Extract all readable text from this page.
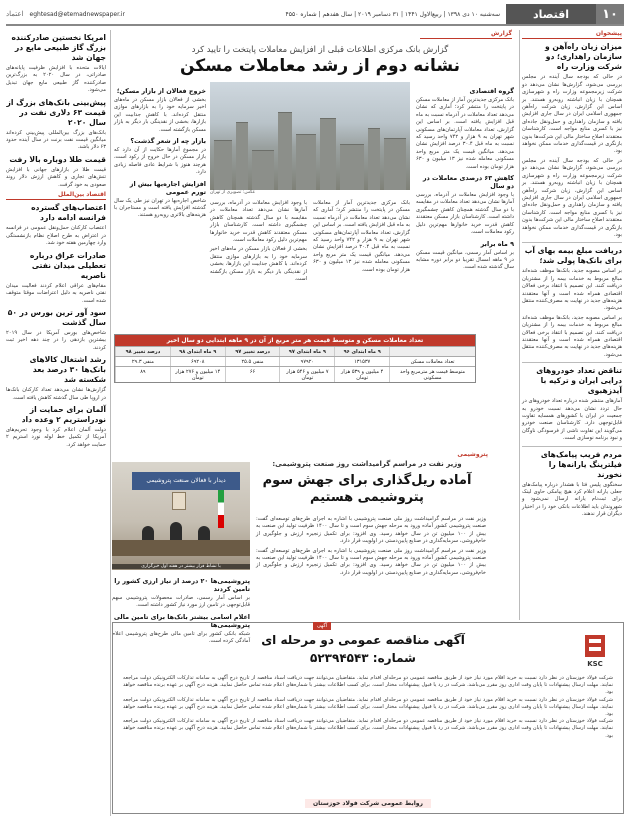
۱۰
اقتصاد
eghtesad@etemadnewspaper.ir	سه‌شنبه ۱۰ دی ۱۳۹۸ | ربیع‌الاول ۱۴۴۱ | ۳۱ دسامبر ۲۰۱۹ | سال هفدهم | شماره ۴۵۵۰
اعتماد
پیشخوان
میزان زیان راه‌آهن و سازمان راهداری؛ دو شرکت وزارت راه

در حالی که بودجه سال آینده در مجلس بررسی می‌شود، گزارش‌ها نشان می‌دهد دو شرکت زیرمجموعه وزارت راه و شهرسازی همچنان با زیان انباشته روبه‌رو هستند. بر اساس این گزارش، زیان شرکت راه‌آهن جمهوری اسلامی ایران در سال جاری افزایش یافته و سازمان راهداری و حمل‌ونقل جاده‌ای نیز با کسری منابع مواجه است. کارشناسان معتقدند اصلاح ساختار مالی این شرکت‌ها بدون بازنگری در قیمت‌گذاری خدمات ممکن نخواهد بود.

در حالی که بودجه سال آینده در مجلس بررسی می‌شود، گزارش‌ها نشان می‌دهد دو شرکت زیرمجموعه وزارت راه و شهرسازی همچنان با زیان انباشته روبه‌رو هستند. بر اساس این گزارش، زیان شرکت راه‌آهن جمهوری اسلامی ایران در سال جاری افزایش یافته و سازمان راهداری و حمل‌ونقل جاده‌ای نیز با کسری منابع مواجه است. کارشناسان معتقدند اصلاح ساختار مالی این شرکت‌ها بدون بازنگری در قیمت‌گذاری خدمات ممکن نخواهد بود.

دریافت مبلغ بیمه بهای آب برای بانک‌ها پولی شد؛

بر اساس مصوبه جدید، بانک‌ها موظف شده‌اند مبالغ مربوط به خدمات بیمه را از مشتریان دریافت کنند. این تصمیم با انتقاد برخی فعالان اقتصادی همراه شده است و آنها معتقدند هزینه‌های جدید در نهایت به مصرف‌کننده منتقل می‌شود.

بر اساس مصوبه جدید، بانک‌ها موظف شده‌اند مبالغ مربوط به خدمات بیمه را از مشتریان دریافت کنند. این تصمیم با انتقاد برخی فعالان اقتصادی همراه شده است و آنها معتقدند هزینه‌های جدید در نهایت به مصرف‌کننده منتقل می‌شود.

تناقض تعداد خودروهای درایی ایران و ترکیه با آیدزهبوی

آمارهای منتشر شده درباره تعداد خودروهای در حال تردد نشان می‌دهد نسبت خودرو به جمعیت در ایران با کشورهای همسایه تفاوت قابل‌توجهی دارد. کارشناسان صنعت خودرو می‌گویند این تفاوت ناشی از فرسودگی ناوگان و نبود برنامه نوسازی است.

مردم فریب پیامک‌های فیلترینگ یارانه‌ها را نخورند

سخنگوی پلیس فتا با هشدار درباره پیامک‌های جعلی یارانه اعلام کرد هیچ پیامکی حاوی لینک برای ثبت‌نام یارانه ارسال نمی‌شود و شهروندان باید اطلاعات بانکی خود را در اختیار دیگران قرار ندهند.

گزارش
گزارش بانک مرکزی اطلاعات قبلی از افزایش معاملات پایتخت را تایید کرد
نشانه دوم از رشد معاملات مسکن
عکس: تصویری از تهران
گروه اقتصادی

بانک مرکزی جدیدترین آمار از معاملات مسکن در پایتخت را منتشر کرد؛ آماری که نشان می‌دهد تعداد معاملات در آذرماه نسبت به ماه قبل افزایش یافته است. بر اساس این گزارش، تعداد معاملات آپارتمان‌های مسکونی شهر تهران به ۹ هزار و ۷۴۲ واحد رسید که نسبت به ماه قبل ۳۰.۴ درصد افزایش نشان می‌دهد. میانگین قیمت یک متر مربع واحد مسکونی معامله شده نیز ۱۳ میلیون و ۶۳۰ هزار تومان بوده است.

کاهش ۶۳ درصدی معاملات در دو سال

با وجود افزایش معاملات در آذرماه، بررسی آمارها نشان می‌دهد تعداد معاملات در مقایسه با دو سال گذشته همچنان کاهش چشمگیری داشته است. کارشناسان بازار مسکن معتقدند کاهش قدرت خرید خانوارها مهم‌ترین دلیل رکود معاملات است.

۹ ماه برابر

بر اساس آمار رسمی، میانگین قیمت مسکن در ۹ ماهه امسال تقریبا دو برابر دوره مشابه سال گذشته شده است.

خروج فعالان از بازار مسکن؛

بخشی از فعالان بازار مسکن در ماه‌های اخیر سرمایه خود را به بازارهای موازی منتقل کرده‌اند. با کاهش جذابیت این بازارها، بخشی از نقدینگی بار دیگر به بازار مسکن بازگشته است.

بازار چه از شعر گذشت؟

در مجموع آمارها حکایت از آن دارد که بازار مسکن در حال خروج از رکود است، هرچند هنوز با شرایط عادی فاصله زیادی دارد.

افزایش اجاره‌بها بیش از تورم عمومی

شاخص اجاره‌بها در تهران نیز طی یک سال گذشته افزایش یافته است و مستاجران با هزینه‌های بالاتری روبه‌رو هستند.

بانک مرکزی جدیدترین آمار از معاملات مسکن در پایتخت را منتشر کرد؛ آماری که نشان می‌دهد تعداد معاملات در آذرماه نسبت به ماه قبل افزایش یافته است. بر اساس این گزارش، تعداد معاملات آپارتمان‌های مسکونی شهر تهران به ۹ هزار و ۷۴۲ واحد رسید که نسبت به ماه قبل ۳۰.۴ درصد افزایش نشان می‌دهد. میانگین قیمت یک متر مربع واحد مسکونی معامله شده نیز ۱۳ میلیون و ۶۳۰ هزار تومان بوده است.

با وجود افزایش معاملات در آذرماه، بررسی آمارها نشان می‌دهد تعداد معاملات در مقایسه با دو سال گذشته همچنان کاهش چشمگیری داشته است. کارشناسان بازار مسکن معتقدند کاهش قدرت خرید خانوارها مهم‌ترین دلیل رکود معاملات است.

بخشی از فعالان بازار مسکن در ماه‌های اخیر سرمایه خود را به بازارهای موازی منتقل کرده‌اند. با کاهش جذابیت این بازارها، بخشی از نقدینگی بار دیگر به بازار مسکن بازگشته است.

تعداد معاملات مسکن و متوسط قیمت هر متر مربع از آن در ۹ ماهه ابتدایی دو سال اخیر
۹ ماه ابتدای ۹۶
۹ ماه ابتدای ۹۷
درصد تغییر ۹۷
۹ ماه ابتدای ۹۸
درصد تغییر ۹۸
تعداد معاملات مسکن
۱۳۱۵۳۷
۹۷۹۲۰
منفی ۲۵.۵
۶۹۲۰۸
منفی ۲۹.۳
متوسط قیمت هر مترمربع واحد مسکونی
۴ میلیون و ۵۳۹ هزار تومان
۷ میلیون و ۵۴۶ هزار تومان
۶۶
۱۴ میلیون و ۲۷۶ هزار تومان
۸۹
پتروشیمی
وزیر نفت در مراسم گرامیداشت روز صنعت پتروشیمی:
آماده ریل‌گذاری برای جهش سوم پتروشیمی هستیم

وزیر نفت در مراسم گرامیداشت روز ملی صنعت پتروشیمی با اشاره به اجرای طرح‌های توسعه‌ای گفت: صنعت پتروشیمی کشور آماده ورود به مرحله جهش سوم است و تا سال ۱۴۰۰ ظرفیت تولید این صنعت به بیش از ۱۰۰ میلیون تن در سال خواهد رسید. وی افزود: برای تکمیل زنجیره ارزش و جلوگیری از خام‌فروشی، سرمایه‌گذاری در صنایع پایین‌دستی در اولویت قرار دارد.

وزیر نفت در مراسم گرامیداشت روز ملی صنعت پتروشیمی با اشاره به اجرای طرح‌های توسعه‌ای گفت: صنعت پتروشیمی کشور آماده ورود به مرحله جهش سوم است و تا سال ۱۴۰۰ ظرفیت تولید این صنعت به بیش از ۱۰۰ میلیون تن در سال خواهد رسید. وی افزود: برای تکمیل زنجیره ارزش و جلوگیری از خام‌فروشی، سرمایه‌گذاری در صنایع پایین‌دستی در اولویت قرار دارد.

دیدار با فعالان صنعت پتروشیمی
با نشاط فرار بیشتر در هفته اول خبرگزاری
پتروشیمی‌ها ۲۰ درصد از نیاز ارزی کشور را تامین کردند

بر اساس آمار رسمی، صادرات محصولات پتروشیمی سهم قابل‌توجهی در تامین ارز مورد نیاز کشور داشته است.

اعلام اسامی بیشتر بانک‌ها برای تامین مالی پتروشیمی‌ها

شبکه بانکی کشور برای تامین مالی طرح‌های پتروشیمی اعلام آمادگی کرده است.

امریکا نخستین صادرکننده بزرگ گاز طبیعی مایع در جهان شد

ایالات متحده با افزایش ظرفیت پایانه‌های صادراتی، در سال ۲۰۲۰ به بزرگ‌ترین صادرکننده گاز طبیعی مایع جهان تبدیل می‌شود.

پیش‌بینی بانک‌های بزرگ از قیمت ۶۳ دلاری نفت در سال ۲۰۲۰

بانک‌های بزرگ بین‌المللی پیش‌بینی کرده‌اند میانگین قیمت نفت برنت در سال آینده حدود ۶۳ دلار باشد.

قیمت طلا دوباره بالا رفت

قیمت طلا در بازارهای جهانی با افزایش تنش‌های تجاری و کاهش ارزش دلار روند صعودی به خود گرفت.

اقتصاد بین‌الملل
اعتصاب‌های گسترده فرانسه ادامه دارد

اعتصاب کارکنان حمل‌ونقل عمومی در فرانسه در اعتراض به طرح اصلاح نظام بازنشستگی وارد چهارمین هفته خود شد.

صادرات عراق درباره تعطیلی میدان نفتی ناصریه

مقام‌های عراقی اعلام کردند فعالیت میدان نفتی ناصریه به دلیل اعتراضات موقتا متوقف شده است.

سود آور ترین بورس در ۵۰ سال گذشت

شاخص‌های بورس آمریکا در سال ۲۰۱۹ بیشترین بازدهی را در چند دهه اخیر ثبت کردند.

رشد اشتغال کالاهای بانک‌ها ۳۰ درصد بعد شکسته شد

گزارش‌ها نشان می‌دهد تعداد کارکنان بانک‌ها در اروپا طی سال گذشته کاهش یافته است.

آلمان برای حمایت از نودراستریم ۲ وعده داد

دولت آلمان اعلام کرد با وجود تحریم‌های آمریکا از تکمیل خط لوله نورد استریم ۲ حمایت خواهد کرد.

آگهی
KSC
آگهی مناقصه عمومی دو مرحله ای
شماره: ۵۲۳۹۴۵۴۳

شرکت فولاد خوزستان در نظر دارد نسبت به خرید اقلام مورد نیاز خود از طریق مناقصه عمومی دو مرحله‌ای اقدام نماید. متقاضیان می‌توانند جهت دریافت اسناد مناقصه از تاریخ درج آگهی به سامانه تدارکات الکترونیکی دولت مراجعه نمایند. مهلت ارسال پیشنهادات تا پایان وقت اداری روز مقرر می‌باشد. شرکت در رد یا قبول پیشنهادات مختار است. برای کسب اطلاعات بیشتر با شماره‌های اعلام شده تماس حاصل نمایید. هزینه درج آگهی بر عهده برنده مناقصه خواهد بود.

شرکت فولاد خوزستان در نظر دارد نسبت به خرید اقلام مورد نیاز خود از طریق مناقصه عمومی دو مرحله‌ای اقدام نماید. متقاضیان می‌توانند جهت دریافت اسناد مناقصه از تاریخ درج آگهی به سامانه تدارکات الکترونیکی دولت مراجعه نمایند. مهلت ارسال پیشنهادات تا پایان وقت اداری روز مقرر می‌باشد. شرکت در رد یا قبول پیشنهادات مختار است. برای کسب اطلاعات بیشتر با شماره‌های اعلام شده تماس حاصل نمایید. هزینه درج آگهی بر عهده برنده مناقصه خواهد بود.

شرکت فولاد خوزستان در نظر دارد نسبت به خرید اقلام مورد نیاز خود از طریق مناقصه عمومی دو مرحله‌ای اقدام نماید. متقاضیان می‌توانند جهت دریافت اسناد مناقصه از تاریخ درج آگهی به سامانه تدارکات الکترونیکی دولت مراجعه نمایند. مهلت ارسال پیشنهادات تا پایان وقت اداری روز مقرر می‌باشد. شرکت در رد یا قبول پیشنهادات مختار است. برای کسب اطلاعات بیشتر با شماره‌های اعلام شده تماس حاصل نمایید. هزینه درج آگهی بر عهده برنده مناقصه خواهد بود.

روابط عمومی شرکت فولاد خوزستان
